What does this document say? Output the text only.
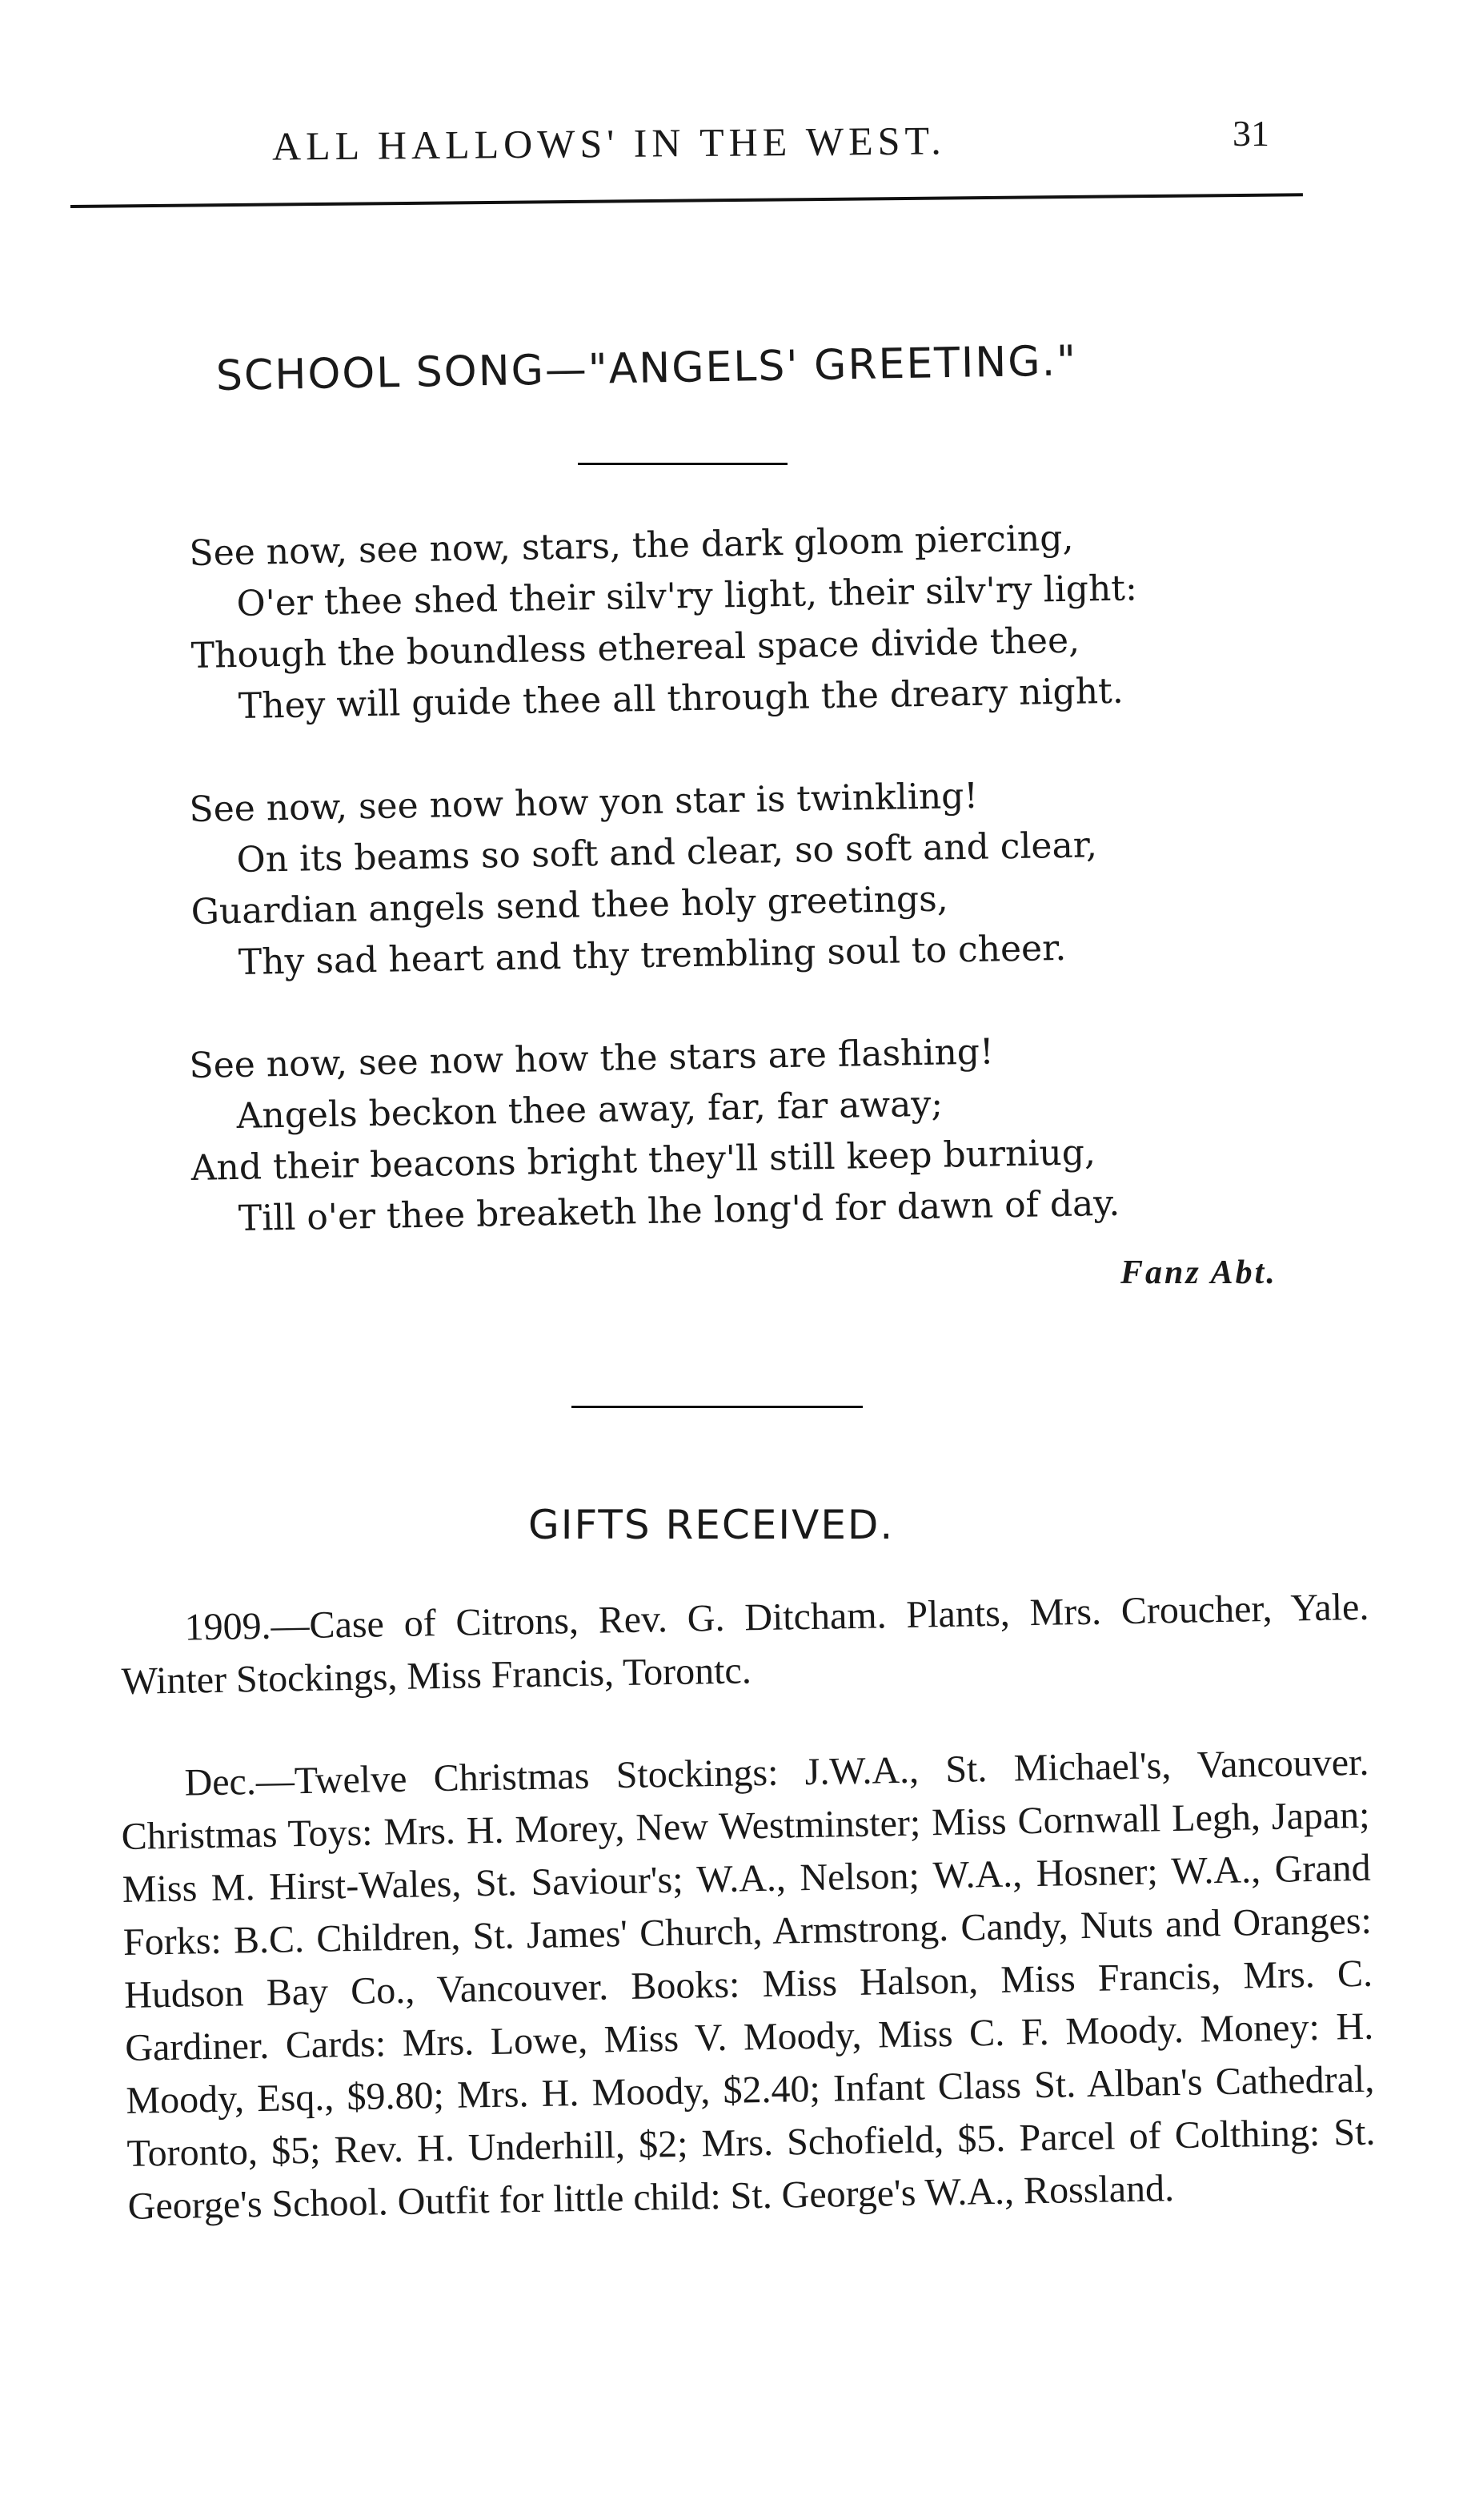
ALL HALLOWS' IN THE WEST.	31
SCHOOL SONG—"ANGELS' GREETING."
See now, see now, stars, the dark gloom piercing,
O'er thee shed their silv'ry light, their silv'ry light:
Though the boundless ethereal space divide thee,
They will guide thee all through the dreary night.
See now, see now how yon star is twinkling!
On its beams so soft and clear, so soft and clear,
Guardian angels send thee holy greetings,
Thy sad heart and thy trembling soul to cheer.
See now, see now how the stars are flashing!
Angels beckon thee away, far, far away;
And their beacons bright they'll still keep burniug,
Till o'er thee breaketh lhe long'd for dawn of day.
Fanz Abt.
GIFTS RECEIVED.

1909.—Case of Citrons, Rev. G. Ditcham. Plants, Mrs. Croucher, Yale. Winter Stockings, Miss Francis, Torontc.

Dec.—Twelve Christmas Stockings: J.W.A., St. Michael's, Vancouver. Christmas Toys: Mrs. H. Morey, New Westminster; Miss Cornwall Legh, Japan; Miss M. Hirst-Wales, St. Saviour's; W.A., Nelson; W.A., Hosner; W.A., Grand Forks: B.C. Children, St. James' Church, Armstrong. Candy, Nuts and Oranges: Hudson Bay Co., Vancouver. Books: Miss Halson, Miss Francis, Mrs. C. Gardiner. Cards: Mrs. Lowe, Miss V. Moody, Miss C. F. Moody. Money: H. Moody, Esq., $9.80; Mrs. H. Moody, $2.40; Infant Class St. Alban's Cathedral, Toronto, $5; Rev. H. Underhill, $2; Mrs. Schofield, $5. Parcel of Colthing: St. George's School. Outfit for little child: St. George's W.A., Rossland.
